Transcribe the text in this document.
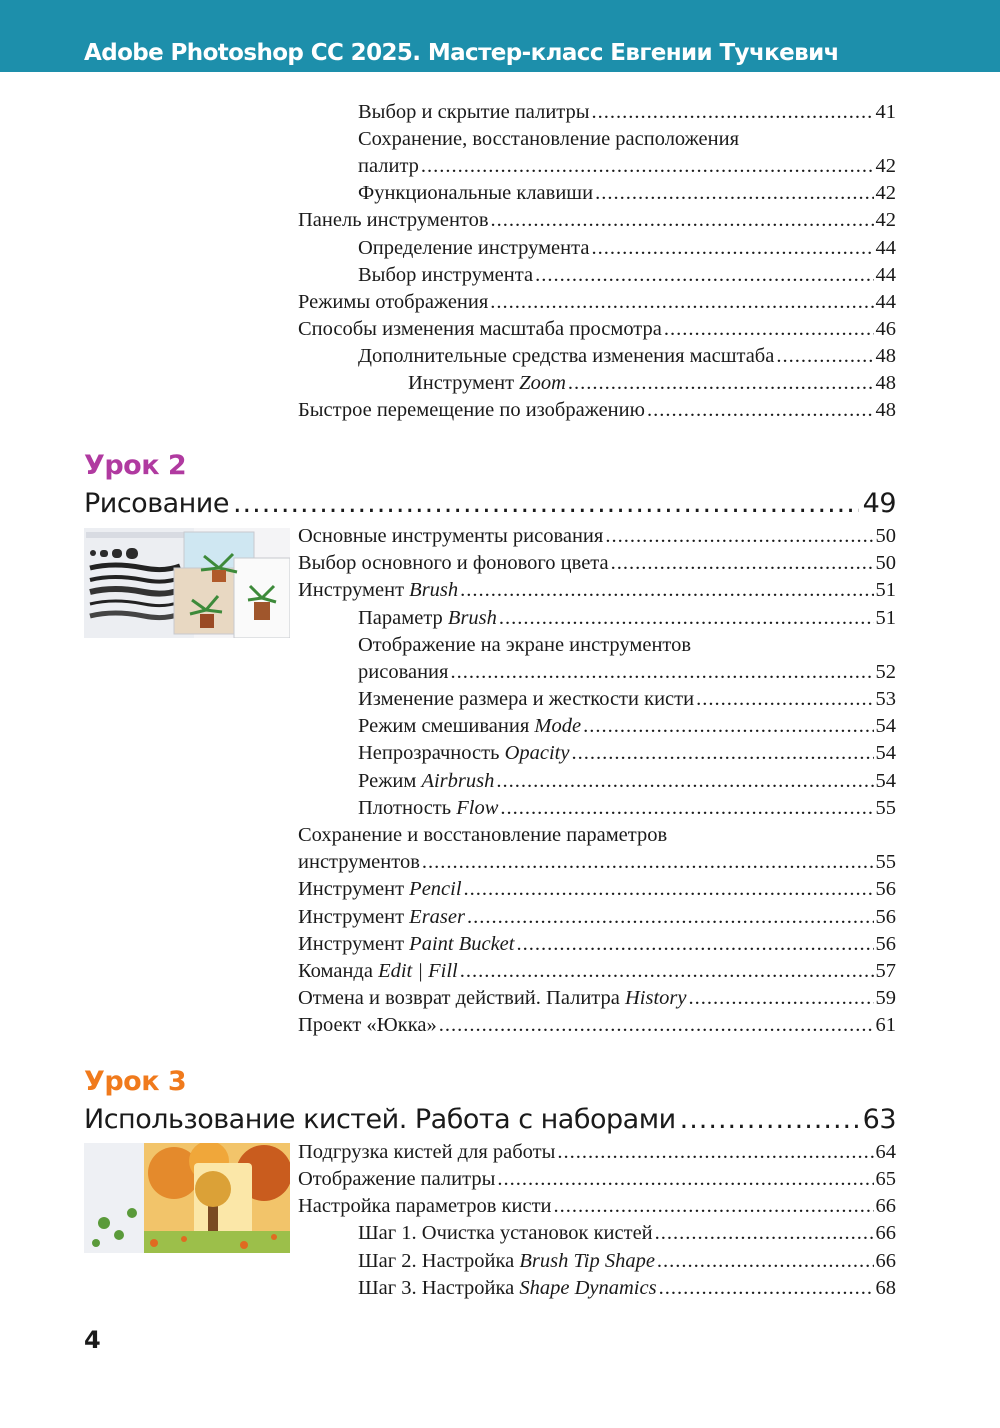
Adobe Photoshop CC 2025. Мастер-класс Евгении Тучкевич
Выбор и скрытие палитры .....	41
Сохранение, восстановление расположения
палитр .....	42
Функциональные клавиши .....	42
Панель инструментов .....	42
Определение инструмента .....	44
Выбор инструмента .....	44
Режимы отображения .....	44
Способы изменения масштаба просмотра .....	46
Дополнительные средства изменения масштаба .....	48
Инструмент Zoom .....	48
Быстрое перемещение по изображению .....	48
Урок 2
Рисование .....	49
Основные инструменты рисования .....	50
Выбор основного и фонового цвета .....	50
Инструмент Brush .....	51
Параметр Brush .....	51
Отображение на экране инструментов
рисования .....	52
Изменение размера и жесткости кисти .....	53
Режим смешивания Mode .....	54
Непрозрачность Opacity .....	54
Режим Airbrush .....	54
Плотность Flow .....	55
Сохранение и восстановление параметров
инструментов .....	55
Инструмент Pencil .....	56
Инструмент Eraser .....	56
Инструмент Paint Bucket .....	56
Команда Edit | Fill .....	57
Отмена и возврат действий. Палитра History .....	59
Проект «Юкка» .....	61
Урок 3
Использование кистей. Работа с наборами .....	63
Подгрузка кистей для работы .....	64
Отображение палитры .....	65
Настройка параметров кисти .....	66
Шаг 1. Очистка установок кистей .....	66
Шаг 2. Настройка Brush Tip Shape .....	66
Шаг 3. Настройка Shape Dynamics .....	68
4
